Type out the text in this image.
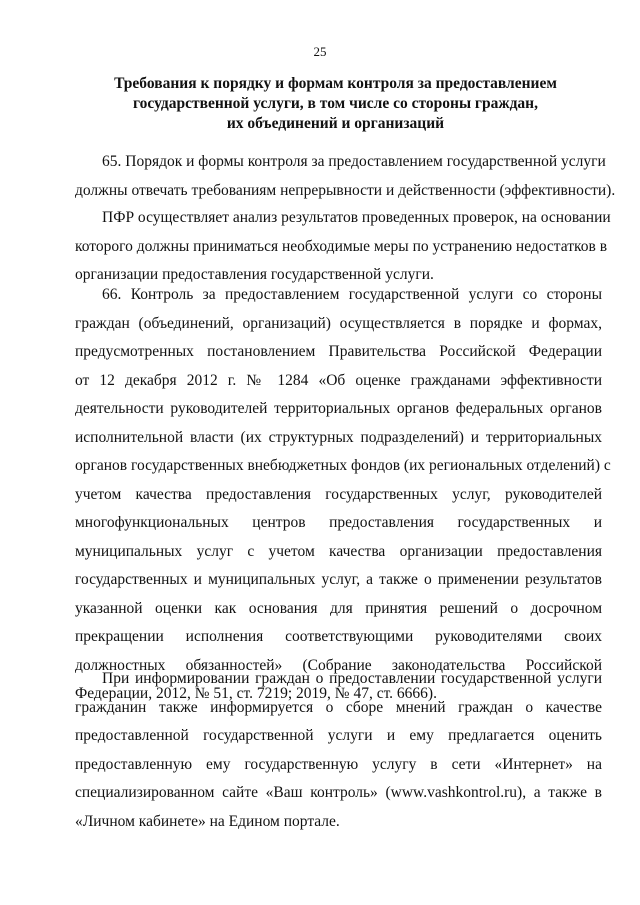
25
Требования к порядку и формам контроля за предоставлением
государственной услуги, в том числе со стороны граждан,
их объединений и организаций
65. Порядок и формы контроля за предоставлением государственной услуги
должны отвечать требованиям непрерывности и действенности (эффективности).
ПФР осуществляет анализ результатов проведенных проверок, на основании
которого должны приниматься необходимые меры по устранению недостатков в
организации предоставления государственной услуги.
66. Контроль за предоставлением государственной услуги со стороны
граждан (объединений, организаций) осуществляется в порядке и формах,
предусмотренных постановлением Правительства Российской Федерации
от 12 декабря 2012 г. № 1284 «Об оценке гражданами эффективности
деятельности руководителей территориальных органов федеральных органов
исполнительной власти (их структурных подразделений) и территориальных
органов государственных внебюджетных фондов (их региональных отделений) с
учетом качества предоставления государственных услуг, руководителей
многофункциональных центров предоставления государственных и
муниципальных услуг с учетом качества организации предоставления
государственных и муниципальных услуг, а также о применении результатов
указанной оценки как основания для принятия решений о досрочном
прекращении исполнения соответствующими руководителями своих
должностных обязанностей» (Собрание законодательства Российской
Федерации, 2012, № 51, ст. 7219; 2019, № 47, ст. 6666).
При информировании граждан о предоставлении государственной услуги
гражданин также информируется о сборе мнений граждан о качестве
предоставленной государственной услуги и ему предлагается оценить
предоставленную ему государственную услугу в сети «Интернет» на
специализированном сайте «Ваш контроль» (www.vashkontrol.ru), а также в
«Личном кабинете» на Едином портале.
